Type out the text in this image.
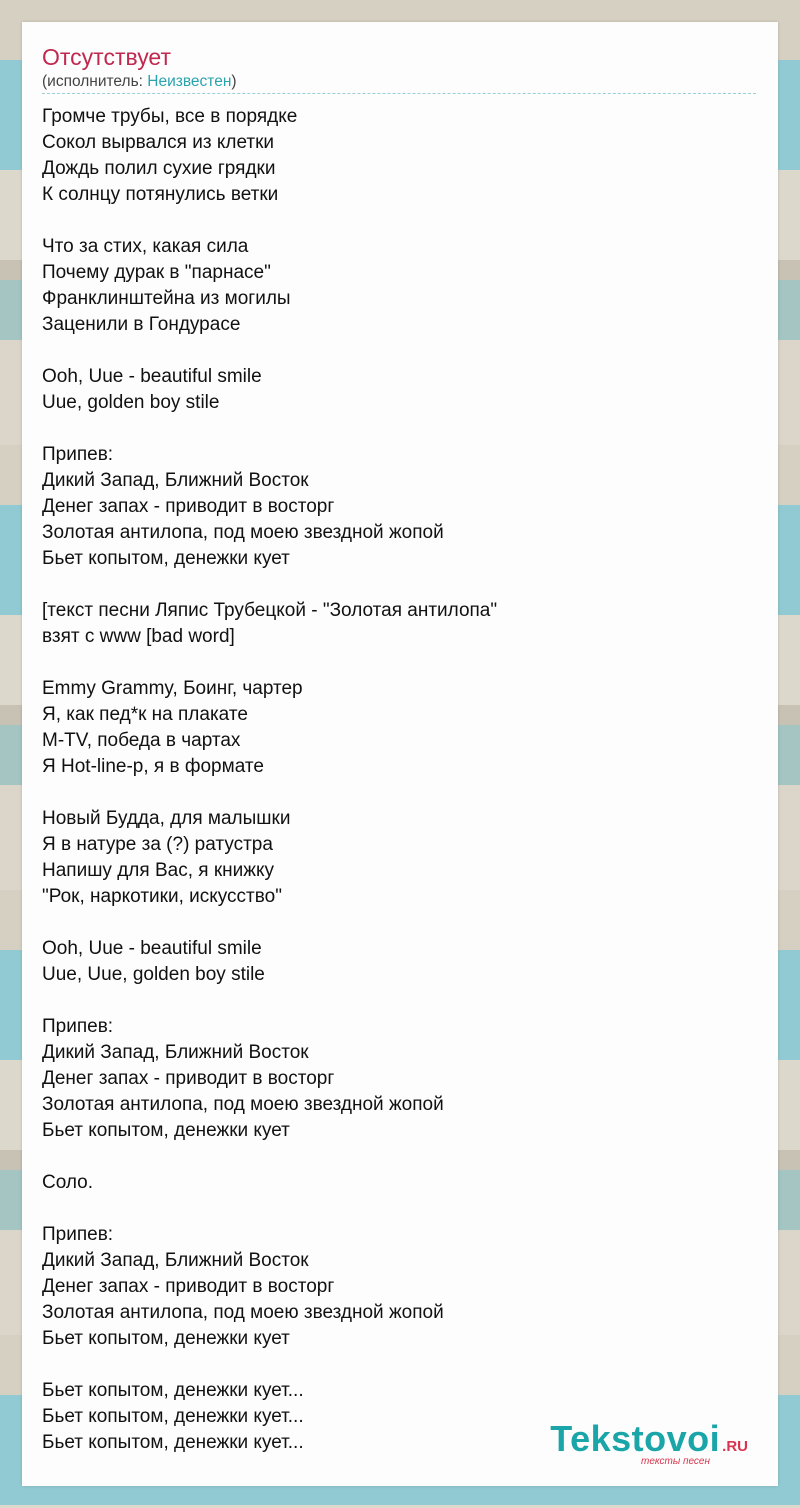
Отсутствует
(исполнитель: Неизвестен)
Громче трубы, все в порядке
Сокол вырвался из клетки
Дождь полил сухие грядки
К солнцу потянулись ветки
Что за стих, какая сила
Почему дурак в "парнасе"
Франклинштейна из могилы
Заценили в Гондурасе
Ooh, Uue - beautiful smile
Uue, golden boy stile
Припев:
Дикий Запад, Ближний Восток
Денег запах - приводит в восторг
Золотая антилопа, под моею звездной жопой
Бьет копытом, денежки кует
[текст песни Ляпис Трубецкой - "Золотая антилопа"
взят с www [bad word]
Emmy Grammy, Боинг, чартер
Я, как пед*к на плакате
M-TV, победа в чартах
Я Hot-line-р, я в формате
Новый Будда, для малышки
Я в натуре за (?) ратустра
Напишу для Вас, я книжку
"Рок, наркотики, искусство"
Ooh, Uue - beautiful smile
Uue, Uue, golden boy stile
Припев:
Дикий Запад, Ближний Восток
Денег запах - приводит в восторг
Золотая антилопа, под моею звездной жопой
Бьет копытом, денежки кует
Соло.
Припев:
Дикий Запад, Ближний Восток
Денег запах - приводит в восторг
Золотая антилопа, под моею звездной жопой
Бьет копытом, денежки кует
Бьет копытом, денежки кует...
Бьет копытом, денежки кует...
Бьет копытом, денежки кует...	Tekstovoi .RU
тексты песен
